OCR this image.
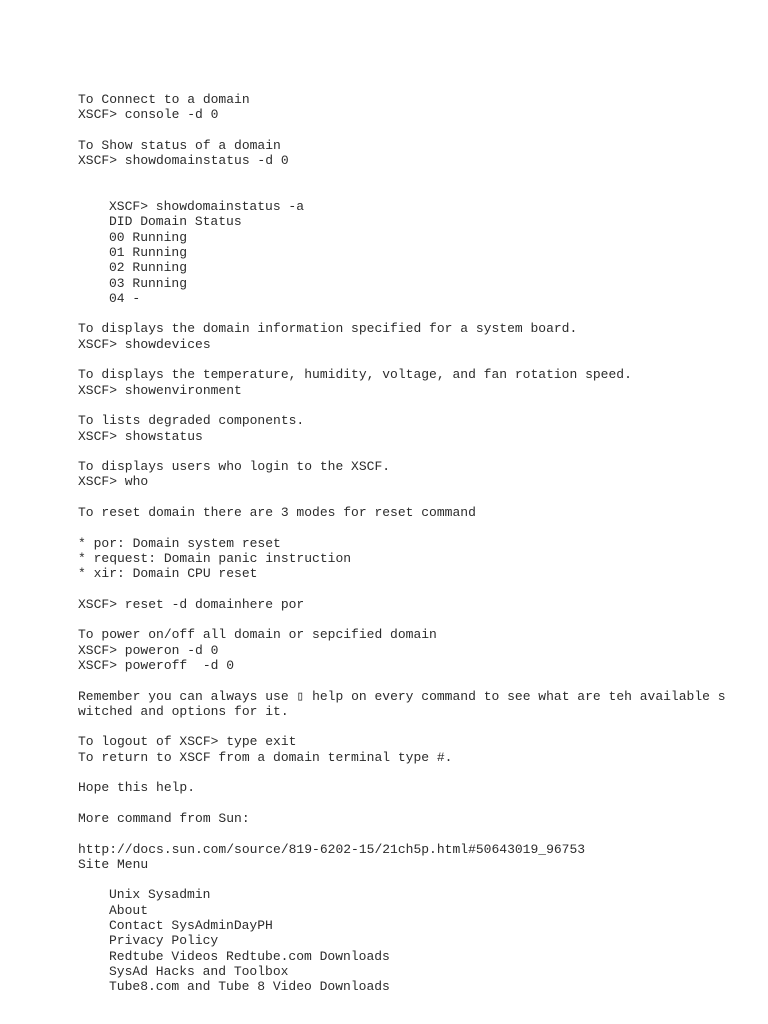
To Connect to a domain
XSCF> console -d 0
To Show status of a domain
XSCF> showdomainstatus -d 0
XSCF> showdomainstatus -a
DID Domain Status
00 Running
01 Running
02 Running
03 Running
04 -
To displays the domain information specified for a system board.
XSCF> showdevices
To displays the temperature, humidity, voltage, and fan rotation speed.
XSCF> showenvironment
To lists degraded components.
XSCF> showstatus
To displays users who login to the XSCF.
XSCF> who
To reset domain there are 3 modes for reset command
* por: Domain system reset
* request: Domain panic instruction
* xir: Domain CPU reset
XSCF> reset -d domainhere por
To power on/off all domain or sepcified domain
XSCF> poweron -d 0
XSCF> poweroff  -d 0
Remember you can always use ▯ help on every command to see what are teh available s
witched and options for it.
To logout of XSCF> type exit
To return to XSCF from a domain terminal type #.
Hope this help.
More command from Sun:
http://docs.sun.com/source/819-6202-15/21ch5p.html#50643019_96753
Site Menu
Unix Sysadmin
About
Contact SysAdminDayPH
Privacy Policy
Redtube Videos Redtube.com Downloads
SysAd Hacks and Toolbox
Tube8.com and Tube 8 Video Downloads
